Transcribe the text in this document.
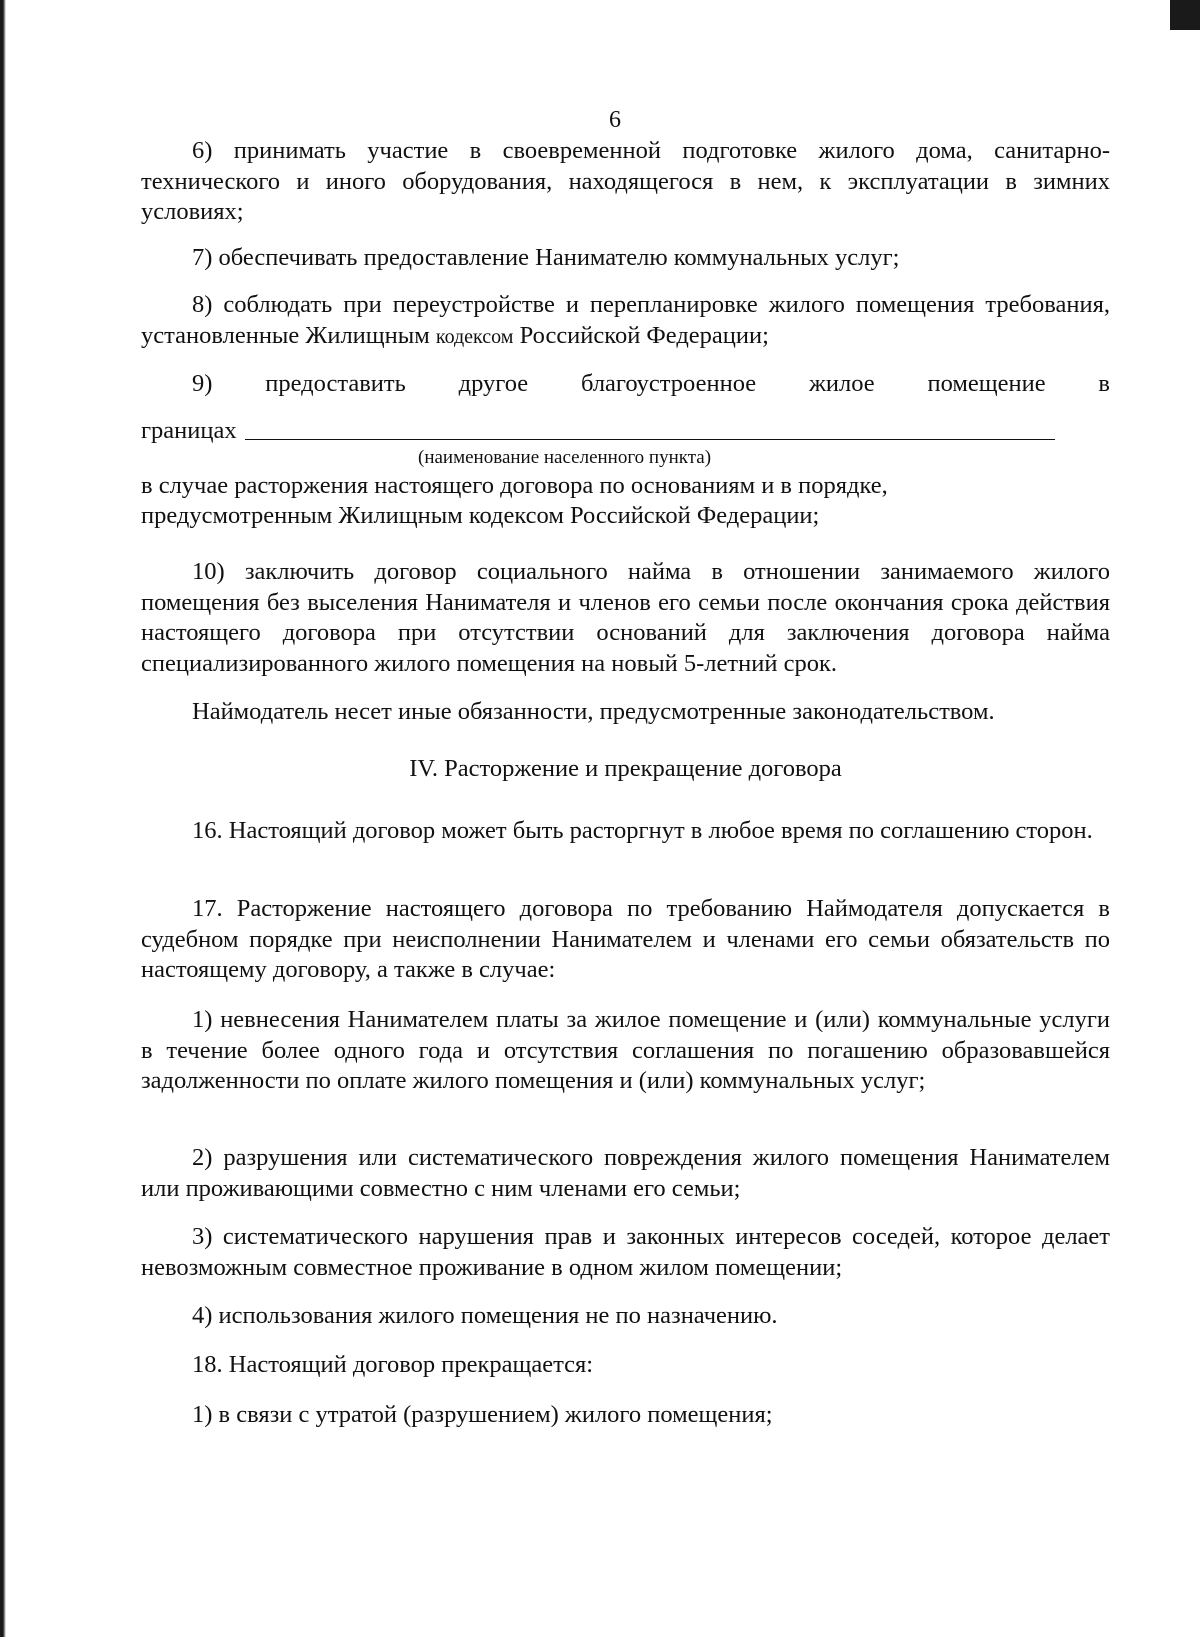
6
6) принимать участие в своевременной подготовке жилого дома, санитарно-технического и иного оборудования, находящегося в нем, к эксплуатации в зимних условиях;
7) обеспечивать предоставление Нанимателю коммунальных услуг;
8) соблюдать при переустройстве и перепланировке жилого помещения требования, установленные Жилищным кодексом Российской Федерации;
9) предоставить другое благоустроенное жилое помещение в
границах
(наименование населенного пункта)
в случае расторжения настоящего договора по основаниям и в порядке,
предусмотренным Жилищным кодексом Российской Федерации;
10) заключить договор социального найма в отношении занимаемого жилого помещения без выселения Нанимателя и членов его семьи после окончания срока действия настоящего договора при отсутствии оснований для заключения договора найма специализированного жилого помещения на новый 5-летний срок.
Наймодатель несет иные обязанности, предусмотренные законодательством.
IV. Расторжение и прекращение договора
16. Настоящий договор может быть расторгнут в любое время по соглашению сторон.
17. Расторжение настоящего договора по требованию Наймодателя допускается в судебном порядке при неисполнении Нанимателем и членами его семьи обязательств по настоящему договору, а также в случае:
1) невнесения Нанимателем платы за жилое помещение и (или) коммунальные услуги в течение более одного года и отсутствия соглашения по погашению образовавшейся задолженности по оплате жилого помещения и (или) коммунальных услуг;
2) разрушения или систематического повреждения жилого помещения Нанимателем или проживающими совместно с ним членами его семьи;
3) систематического нарушения прав и законных интересов соседей, которое делает невозможным совместное проживание в одном жилом помещении;
4) использования жилого помещения не по назначению.
18. Настоящий договор прекращается:
1) в связи с утратой (разрушением) жилого помещения;
